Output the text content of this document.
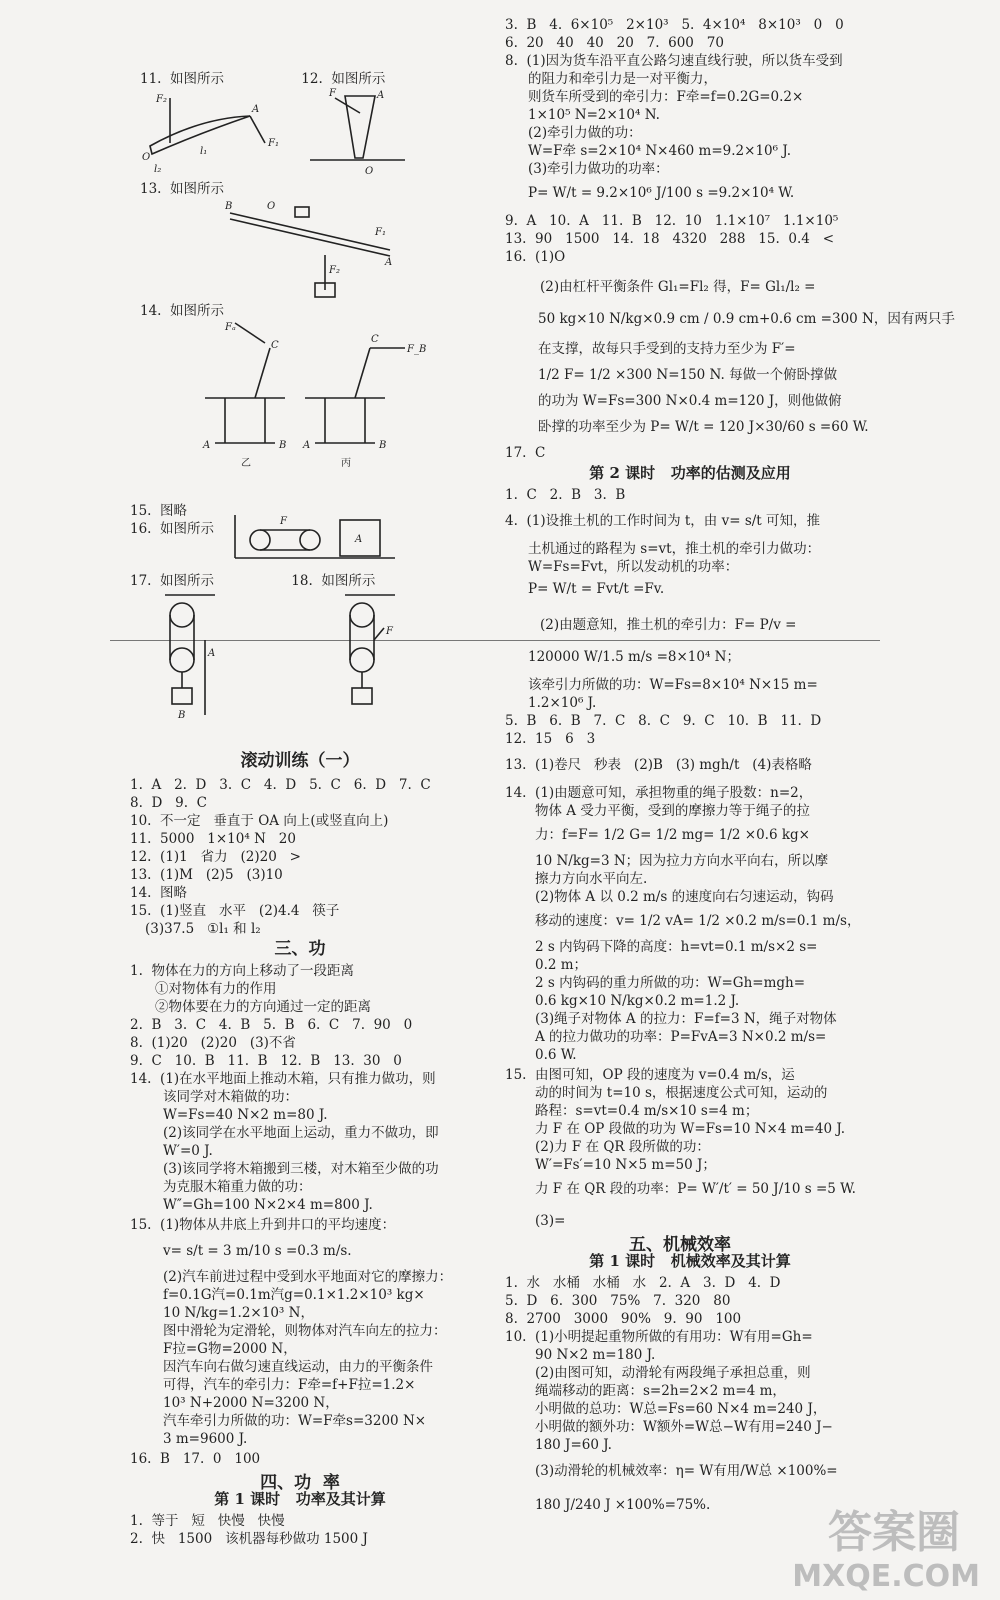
11.  如图所示                  12.  如图所示
13.  如图所示
14.  如图所示
15.  图略
16.  如图所示
17.  如图所示                  18.  如图所示
1.  A   2.  D   3.  C   4.  D   5.  C   6.  D   7.  C
8.  D   9.  C
10.  不一定   垂直于 OA 向上(或竖直向上)
11.  5000   1×10⁴ N   20
12.  (1)1   省力   (2)20   >
13.  (1)M   (2)5   (3)10
14.  图略
15.  (1)竖直   水平   (2)4.4   筷子
(3)37.5   ①l₁ 和 l₂
1.  物体在力的方向上移动了一段距离
①对物体有力的作用
②物体要在力的方向通过一定的距离
2.  B   3.  C   4.  B   5.  B   6.  C   7.  90   0
8.  (1)20   (2)20   (3)不省
9.  C   10.  B   11.  B   12.  B   13.  30   0
14.  (1)在水平地面上推动木箱，只有推力做功，则
该同学对木箱做的功：
W=Fs=40 N×2 m=80 J.
(2)该同学在水平地面上运动，重力不做功，即
W′=0 J.
(3)该同学将木箱搬到三楼，对木箱至少做的功
为克服木箱重力做的功：
W″=Gh=100 N×2×4 m=800 J.
15.  (1)物体从井底上升到井口的平均速度：
v= s/t = 3 m/10 s =0.3 m/s.
(2)汽车前进过程中受到水平地面对它的摩擦力：
f=0.1G汽=0.1m汽g=0.1×1.2×10³ kg×
10 N/kg=1.2×10³ N，
图中滑轮为定滑轮，则物体对汽车向左的拉力：
F拉=G物=2000 N，
因汽车向右做匀速直线运动，由力的平衡条件
可得，汽车的牵引力：F牵=f+F拉=1.2×
10³ N+2000 N=3200 N，
汽车牵引力所做的功：W=F牵s=3200 N×
3 m=9600 J.
16.  B   17.  0   100
1.  等于   短   快慢   快慢
2.  快   1500   该机器每秒做功 1500 J
3.  B   4.  6×10⁵   2×10³   5.  4×10⁴   8×10³   0   0
6.  20   40   40   20   7.  600   70
8.  (1)因为货车沿平直公路匀速直线行驶，所以货车受到
的阻力和牵引力是一对平衡力，
则货车所受到的牵引力：F牵=f=0.2G=0.2×
1×10⁵ N=2×10⁴ N.
(2)牵引力做的功：
W=F牵 s=2×10⁴ N×460 m=9.2×10⁶ J.
(3)牵引力做功的功率：
P= W/t = 9.2×10⁶ J/100 s =9.2×10⁴ W.
9.  A   10.  A   11.  B   12.  10   1.1×10⁷   1.1×10⁵
13.  90   1500   14.  18   4320   288   15.  0.4   <
16.  (1)O
(2)由杠杆平衡条件 Gl₁=Fl₂ 得，F= Gl₁/l₂ =
50 kg×10 N/kg×0.9 cm / 0.9 cm+0.6 cm =300 N，因有两只手
在支撑，故每只手受到的支持力至少为 F′=
1/2 F= 1/2 ×300 N=150 N. 每做一个俯卧撑做
的功为 W=Fs=300 N×0.4 m=120 J，则他做俯
卧撑的功率至少为 P= W/t = 120 J×30/60 s =60 W.
17.  C
1.  C   2.  B   3.  B
4.  (1)设推土机的工作时间为 t，由 v= s/t 可知，推
土机通过的路程为 s=vt，推土机的牵引力做功：
W=Fs=Fvt，所以发动机的功率：
P= W/t = Fvt/t =Fv.
(2)由题意知，推土机的牵引力：F= P/v =
120000 W/1.5 m/s =8×10⁴ N；
该牵引力所做的功：W=Fs=8×10⁴ N×15 m=
1.2×10⁶ J.
5.  B   6.  B   7.  C   8.  C   9.  C   10.  B   11.  D
12.  15   6   3
13.  (1)卷尺   秒表   (2)B   (3) mgh/t   (4)表格略
14.  (1)由题意可知，承担物重的绳子股数：n=2，
物体 A 受力平衡，受到的摩擦力等于绳子的拉
力：f=F= 1/2 G= 1/2 mg= 1/2 ×0.6 kg×
10 N/kg=3 N；因为拉力方向水平向右，所以摩
擦力方向水平向左.
(2)物体 A 以 0.2 m/s 的速度向右匀速运动，钩码
移动的速度：v= 1/2 vA= 1/2 ×0.2 m/s=0.1 m/s，
2 s 内钩码下降的高度：h=vt=0.1 m/s×2 s=
0.2 m；
2 s 内钩码的重力所做的功：W=Gh=mgh=
0.6 kg×10 N/kg×0.2 m=1.2 J.
(3)绳子对物体 A 的拉力：F=f=3 N，绳子对物体
A 的拉力做功的功率：P=FvA=3 N×0.2 m/s=
0.6 W.
15.  由图可知，OP 段的速度为 v=0.4 m/s，运
动的时间为 t=10 s，根据速度公式可知，运动的
路程：s=vt=0.4 m/s×10 s=4 m；
力 F 在 OP 段做的功为 W=Fs=10 N×4 m=40 J.
(2)力 F 在 QR 段所做的功：
W′=Fs′=10 N×5 m=50 J；
力 F 在 QR 段的功率：P= W′/t′ = 50 J/10 s =5 W.
(3)=
1.  水   水桶   水桶   水   2.  A   3.  D   4.  D
5.  D   6.  300   75%   7.  320   80
8.  2700   3000   90%   9.  90   100
10.  (1)小明提起重物所做的有用功：W有用=Gh=
90 N×2 m=180 J.
(2)由图可知，动滑轮有两段绳子承担总重，则
绳端移动的距离：s=2h=2×2 m=4 m，
小明做的总功：W总=Fs=60 N×4 m=240 J，
小明做的额外功：W额外=W总−W有用=240 J−
180 J=60 J.
(3)动滑轮的机械效率：η= W有用/W总 ×100%=
180 J/240 J ×100%=75%.
滚动训练（一）
三、功
四、功  率
第 1 课时   功率及其计算
第 2 课时   功率的估测及应用
五、机械效率
第 1 课时   机械效率及其计算
F₂
F₁
O
A
l₁
l₂
F	A
O
B	O
F₁
F₂
A
Fₐ
C
A	B
乙
F_B
C
A	B
丙
A
F
A
B
F
答案圈
MXQE.COM
